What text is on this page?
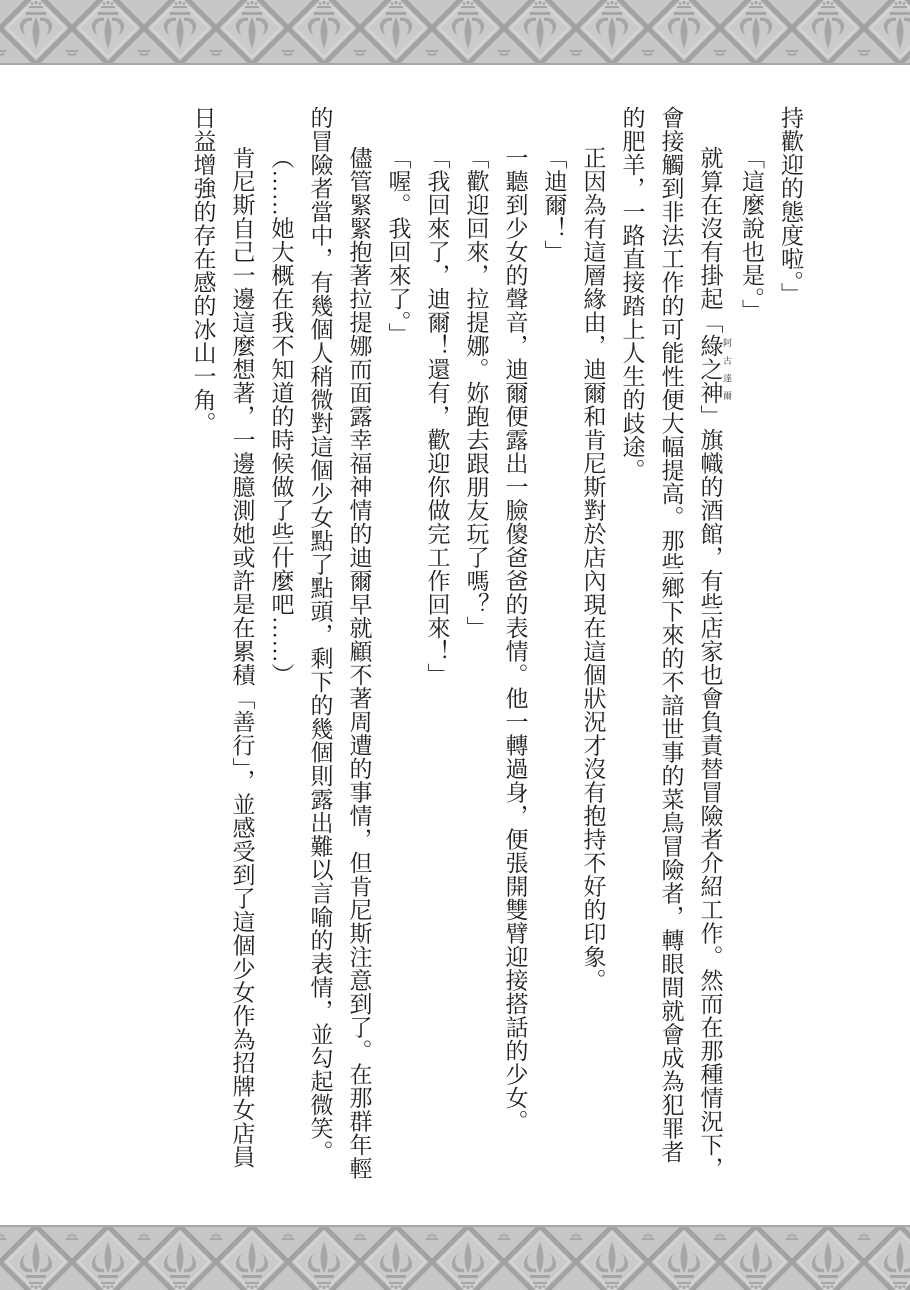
持歡迎的態度啦。」

「這麼說也是。」

就算在沒有掛起「綠之神 阿古達爾」旗幟的酒館，有些店家也會負責替冒險者介紹工作。然而在那種情況下，會接觸到非法工作的可能性便大幅提高。那些鄉下來的不諳世事的菜鳥冒險者，轉眼間就會成為犯罪者的肥羊，一路直接踏上人生的歧途。

正因為有這層緣由，迪爾和肯尼斯對於店內現在這個狀況才沒有抱持不好的印象。

「迪爾！」

一聽到少女的聲音，迪爾便露出一臉傻爸爸的表情。他一轉過身，便張開雙臂迎接搭話的少女。

「歡迎回來，拉提娜。妳跑去跟朋友玩了嗎？」

「我回來了，迪爾！還有，歡迎你做完工作回來！」

「喔。我回來了。」

儘管緊緊抱著拉提娜而面露幸福神情的迪爾早就顧不著周遭的事情，但肯尼斯注意到了。在那群年輕的冒險者當中，有幾個人稍微對這個少女點了點頭，剩下的幾個則露出難以言喻的表情，並勾起微笑。

（……她大概在我不知道的時候做了些什麼吧……）

肯尼斯自己一邊這麼想著，一邊臆測她或許是在累積「善行」，並感受到了這個少女作為招牌女店員日益增強的存在感的冰山一角。
